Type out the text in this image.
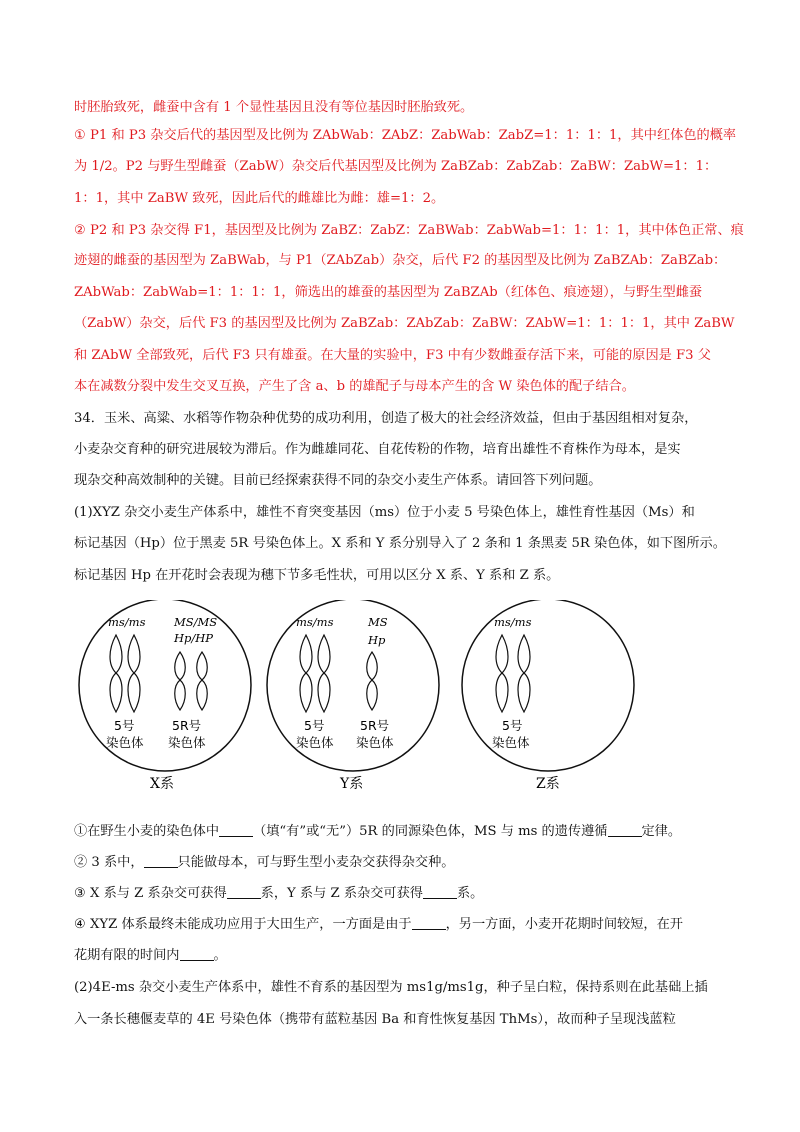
时胚胎致死，雌蚕中含有 1 个显性基因且没有等位基因时胚胎致死。
① P1 和 P3 杂交后代的基因型及比例为 ZAbWab：ZAbZ：ZabWab：ZabZ=1：1：1：1，其中红体色的概率
为 1/2。P2 与野生型雌蚕（ZabW）杂交后代基因型及比例为 ZaBZab：ZabZab：ZaBW：ZabW=1：1：
1：1，其中 ZaBW 致死，因此后代的雌雄比为雌：雄=1：2。
② P2 和 P3 杂交得 F1，基因型及比例为 ZaBZ：ZabZ：ZaBWab：ZabWab=1：1：1：1，其中体色正常、痕
迹翅的雌蚕的基因型为 ZaBWab，与 P1（ZAbZab）杂交，后代 F2 的基因型及比例为 ZaBZAb：ZaBZab：
ZAbWab：ZabWab=1：1：1：1，筛选出的雄蚕的基因型为 ZaBZAb（红体色、痕迹翅），与野生型雌蚕
（ZabW）杂交，后代 F3 的基因型及比例为 ZaBZab：ZAbZab：ZaBW：ZAbW=1：1：1：1，其中 ZaBW
和 ZAbW 全部致死，后代 F3 只有雄蚕。在大量的实验中，F3 中有少数雌蚕存活下来，可能的原因是 F3 父
本在减数分裂中发生交叉互换，产生了含 a、b 的雄配子与母本产生的含 W 染色体的配子结合。
34．玉米、高粱、水稻等作物杂种优势的成功利用，创造了极大的社会经济效益，但由于基因组相对复杂，
小麦杂交育种的研究进展较为滞后。作为雌雄同花、自花传粉的作物，培育出雄性不育株作为母本，是实
现杂交种高效制种的关键。目前已经探索获得不同的杂交小麦生产体系。请回答下列问题。
(1)XYZ 杂交小麦生产体系中，雄性不育突变基因（ms）位于小麦 5 号染色体上，雄性育性基因（Ms）和
标记基因（Hp）位于黑麦 5R 号染色体上。X 系和 Y 系分别导入了 2 条和 1 条黑麦 5R 染色体，如下图所示。
标记基因 Hp 在开花时会表现为穗下节多毛性状，可用以区分 X 系、Y 系和 Z 系。
ms/ms MS/MS
Hp/HP
5号
染色体
5R号
染色体
X系
ms/ms	MS
Hp
5号
染色体
5R号
染色体
Y系
ms/ms
5号
染色体
Z系
①在野生小麦的染色体中	（填“有”或“无”）5R 的同源染色体，MS 与 ms 的遗传遵循	定律。
② 3 系中，	只能做母本，可与野生型小麦杂交获得杂交种。
③ X 系与 Z 系杂交可获得	系，Y 系与 Z 系杂交可获得	系。
④ XYZ 体系最终未能成功应用于大田生产，一方面是由于	，另一方面，小麦开花期时间较短，在开
花期有限的时间内	。
(2)4E-ms 杂交小麦生产体系中，雄性不育系的基因型为 ms1g/ms1g，种子呈白粒，保持系则在此基础上插
入一条长穗偃麦草的 4E 号染色体（携带有蓝粒基因 Ba 和育性恢复基因 ThMs），故而种子呈现浅蓝粒
